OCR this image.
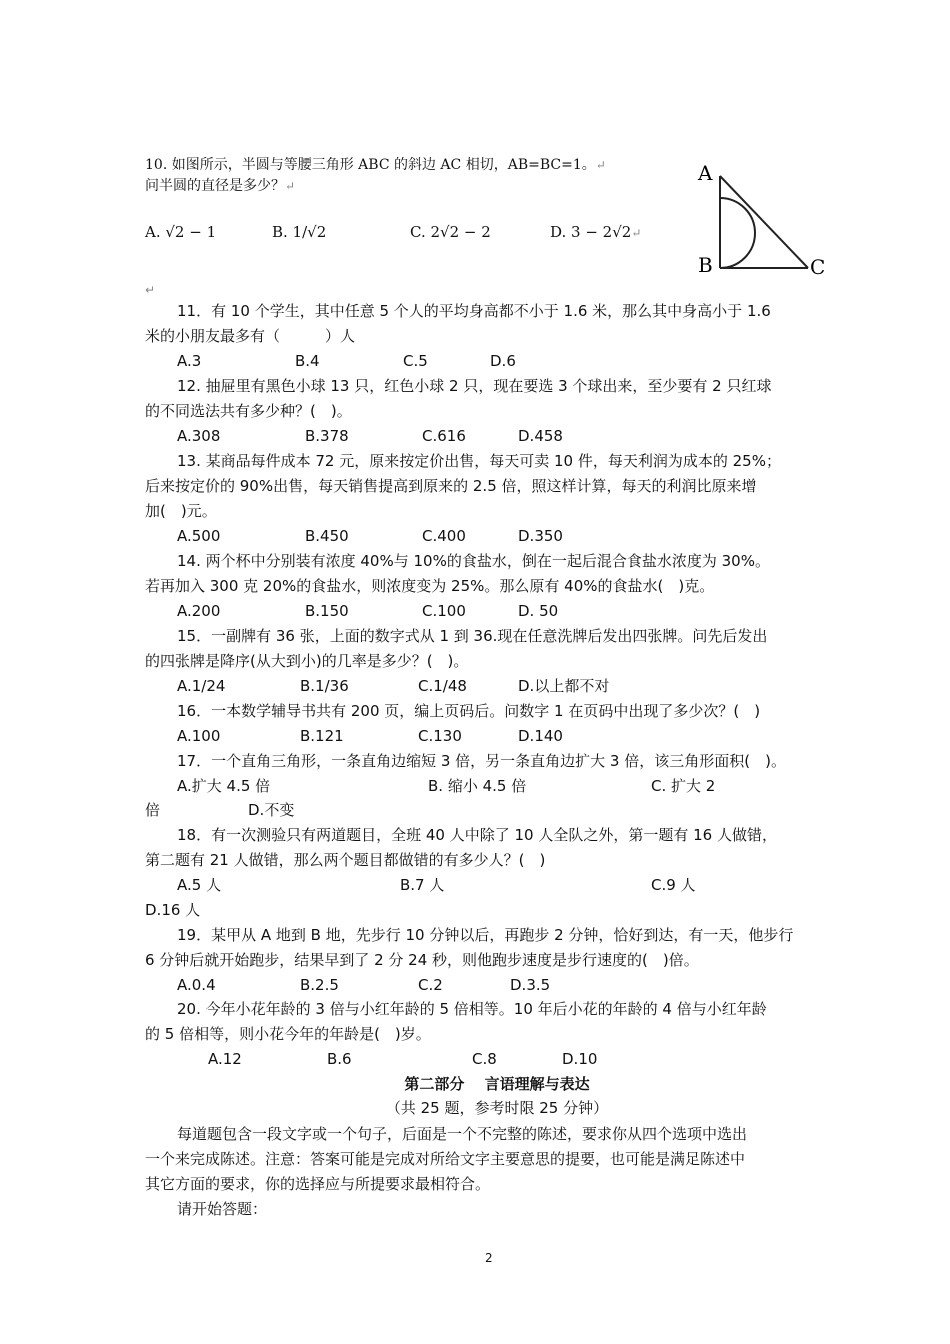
10. 如图所示，半圆与等腰三角形 ABC 的斜边 AC 相切，AB=BC=1。↵
问半圆的直径是多少？↵
A. √2 − 1	B. 1/√2	C. 2√2 − 2	D. 3 − 2√2↵
A
B	C
↵
11．有 10 个学生，其中任意 5 个人的平均身高都不小于 1.6 米，那么其中身高小于 1.6
米的小朋友最多有（　　　）人
A.3	B.4	C.5	D.6
12. 抽屉里有黑色小球 13 只，红色小球 2 只，现在要选 3 个球出来，至少要有 2 只红球
的不同选法共有多少种？(　)。
A.308	B.378	C.616	D.458
13. 某商品每件成本 72 元，原来按定价出售，每天可卖 10 件，每天利润为成本的 25%；
后来按定价的 90%出售，每天销售提高到原来的 2.5 倍，照这样计算，每天的利润比原来增
加(　)元。
A.500	B.450	C.400	D.350
14. 两个杯中分别装有浓度 40%与 10%的食盐水，倒在一起后混合食盐水浓度为 30%。
若再加入 300 克 20%的食盐水，则浓度变为 25%。那么原有 40%的食盐水(　)克。
A.200	B.150	C.100	D. 50
15．一副牌有 36 张，上面的数字式从 1 到 36.现在任意洗牌后发出四张牌。问先后发出
的四张牌是降序(从大到小)的几率是多少？(　)。
A.1/24	B.1/36	C.1/48	D.以上都不对
16．一本数学辅导书共有 200 页，编上页码后。问数字 1 在页码中出现了多少次？(　)
A.100	B.121	C.130	D.140
17．一个直角三角形，一条直角边缩短 3 倍，另一条直角边扩大 3 倍，该三角形面积(　)。
A.扩大 4.5 倍	B. 缩小 4.5 倍	C. 扩大 2
倍	D.不变
18．有一次测验只有两道题目，全班 40 人中除了 10 人全队之外，第一题有 16 人做错，
第二题有 21 人做错，那么两个题目都做错的有多少人？(　)
A.5 人	B.7 人	C.9 人
D.16 人
19．某甲从 A 地到 B 地，先步行 10 分钟以后，再跑步 2 分钟，恰好到达，有一天，他步行
6 分钟后就开始跑步，结果早到了 2 分 24 秒，则他跑步速度是步行速度的(　)倍。
A.0.4	B.2.5	C.2	D.3.5
20. 今年小花年龄的 3 倍与小红年龄的 5 倍相等。10 年后小花的年龄的 4 倍与小红年龄
的 5 倍相等，则小花今年的年龄是(　)岁。
A.12	B.6	C.8	D.10
第二部分　 言语理解与表达
（共 25 题，参考时限 25 分钟）
每道题包含一段文字或一个句子，后面是一个不完整的陈述，要求你从四个选项中选出
一个来完成陈述。注意：答案可能是完成对所给文字主要意思的提要，也可能是满足陈述中
其它方面的要求，你的选择应与所提要求最相符合。
请开始答题：
2
